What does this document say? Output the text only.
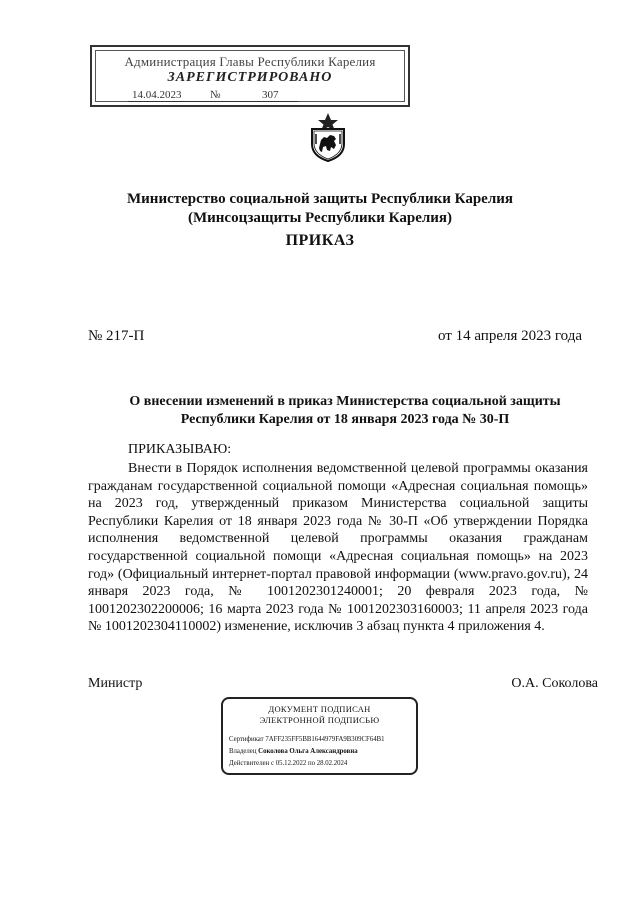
Администрация Главы Республики Карелия
ЗАРЕГИСТРИРОВАНО
14.04.2023	№	307
Министерство социальной защиты Республики Карелия
(Минсоцзащиты Республики Карелия)
ПРИКАЗ
№ 217-П	от 14 апреля 2023 года
О внесении изменений в приказ Министерства социальной защиты
Республики Карелия от 18 января 2023 года № 30-П
ПРИКАЗЫВАЮ:
Внести в Порядок исполнения ведомственной целевой программы оказания гражданам государственной социальной помощи «Адресная социальная помощь» на 2023 год, утвержденный приказом Министерства социальной защиты Республики Карелия от 18 января 2023 года № 30-П «Об утверждении Порядка исполнения ведомственной целевой программы оказания гражданам государственной социальной помощи «Адресная социальная помощь» на 2023 год» (Официальный интернет-портал правовой информации (www.pravo.gov.ru), 24 января 2023 года, № 1001202301240001; 20 февраля 2023 года, № 1001202302200006; 16 марта 2023 года № 1001202303160003; 11 апреля 2023 года № 1001202304110002) изменение, исключив 3 абзац пункта 4 приложения 4.
Министр	О.А. Соколова
ДОКУМЕНТ ПОДПИСАН
ЭЛЕКТРОННОЙ ПОДПИСЬЮ
Сертификат 7AFF235FF5BB1644979FA9B309CF64B1
Владелец Соколова Ольга Александровна
Действителен с 05.12.2022 по 28.02.2024
